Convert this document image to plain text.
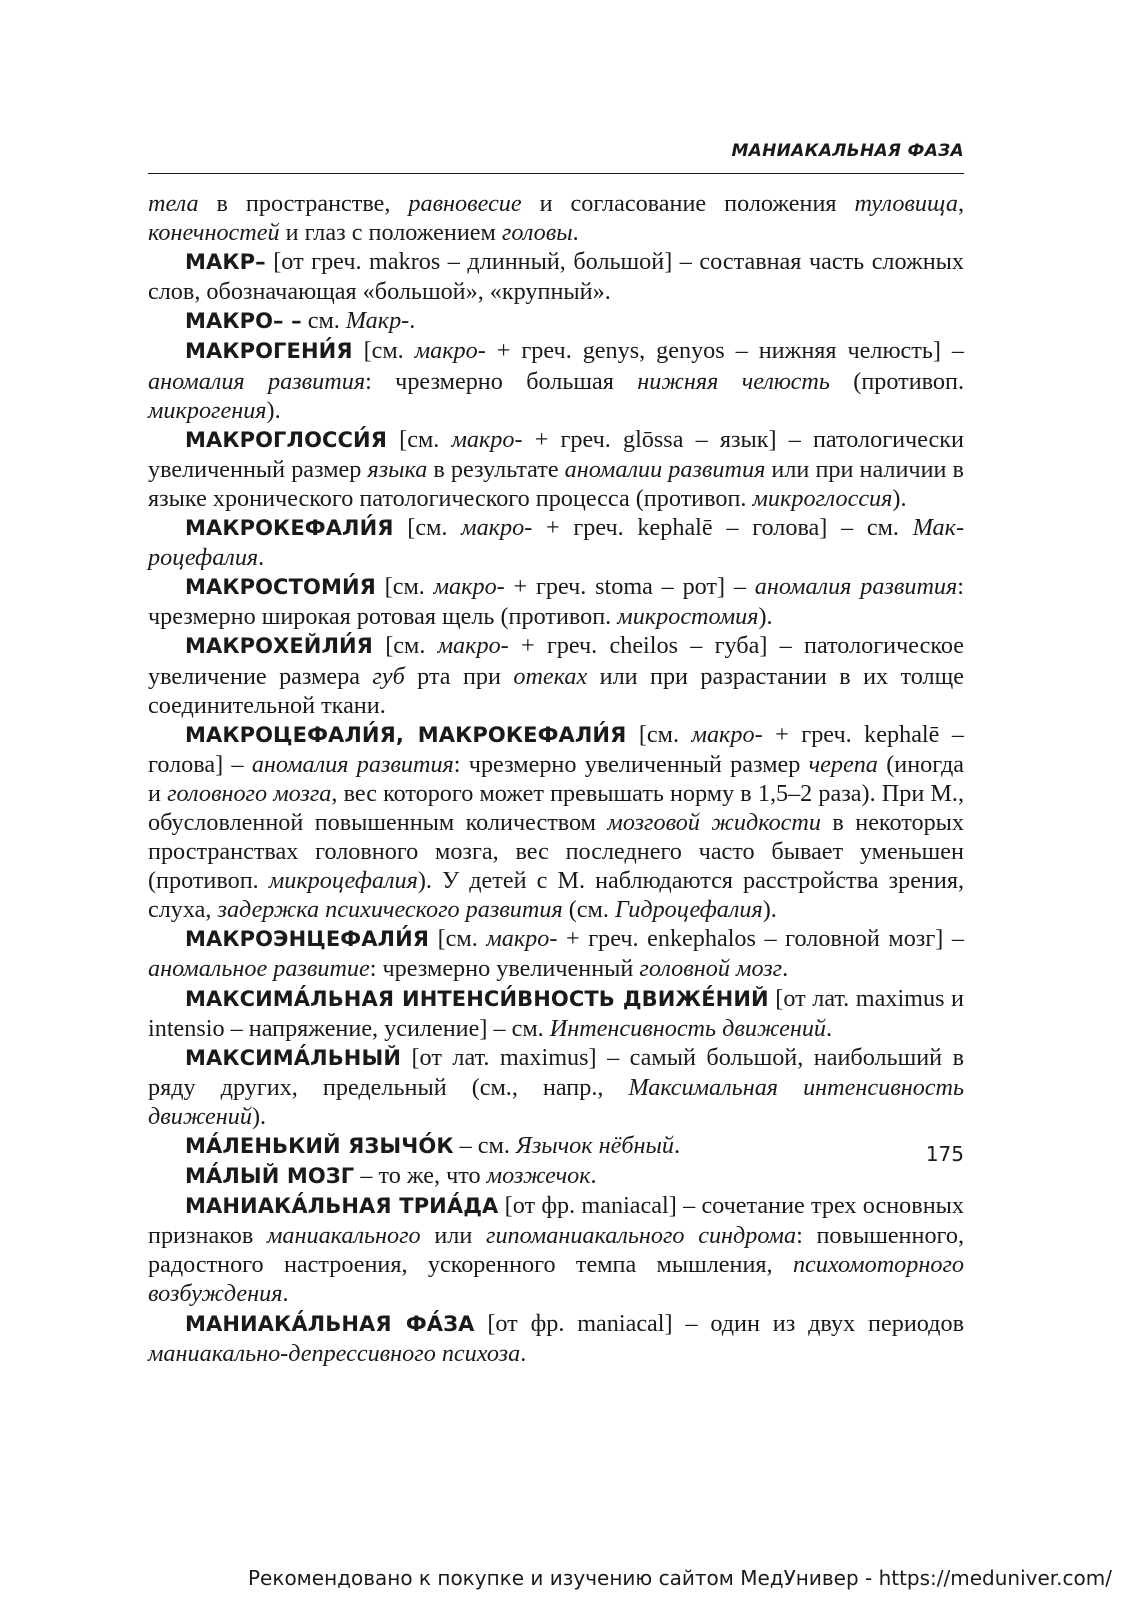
МАНИАКАЛЬНАЯ ФАЗА

тела в пространстве, равновесие и согласование положения туловища, конечностей и глаз с положением головы.

МАКР– [от греч. makros – длинный, большой] – составная часть сложных слов, обозначающая «большой», «крупный».

МАКРО– – см. Макр-.

МАКРОГЕНИ́Я [см. макро- + греч. genys, genyos – нижняя челюсть] – аномалия развития: чрезмерно большая нижняя челюсть (противоп. микрогения).

МАКРОГЛОССИ́Я [см. макро- + греч. glōssa – язык] – патологически увеличенный размер языка в результате аномалии развития или при наличии в языке хронического патологического процесса (противоп. микроглоссия).

МАКРОКЕФАЛИ́Я [см. макро- + греч. kephalē – голова] – см. Макроцефалия.

МАКРОСТОМИ́Я [см. макро- + греч. stoma – рот] – аномалия развития: чрезмерно широкая ротовая щель (противоп. микростомия).

МАКРОХЕЙЛИ́Я [см. макро- + греч. cheilos – губа] – патологическое увеличение размера губ рта при отеках или при разрастании в их толще соединительной ткани.

МАКРОЦЕФАЛИ́Я, МАКРОКЕФАЛИ́Я [см. макро- + греч. kephalē – голова] – аномалия развития: чрезмерно увеличенный размер черепа (иногда и головного мозга, вес которого может превышать норму в 1,5–2 раза). При М., обусловленной повышенным количеством мозговой жидкости в некоторых пространствах головного мозга, вес последнего часто бывает уменьшен (противоп. микроцефалия). У детей с М. наблюдаются расстройства зрения, слуха, задержка психического развития (см. Гидроцефалия).

МАКРОЭНЦЕФАЛИ́Я [см. макро- + греч. enkephalos – головной мозг] – аномальное развитие: чрезмерно увеличенный головной мозг.

МАКСИМА́ЛЬНАЯ ИНТЕНСИ́ВНОСТЬ ДВИЖЕ́НИЙ [от лат. maximus и intensio – напряжение, усиление] – см. Интенсивность движений.

МАКСИМА́ЛЬНЫЙ [от лат. maximus] – самый большой, наибольший в ряду других, предельный (см., напр., Максимальная интенсивность движений).

МА́ЛЕНЬКИЙ ЯЗЫЧО́К – см. Язычок нёбный.

МА́ЛЫЙ МОЗГ – то же, что мозжечок.

МАНИАКА́ЛЬНАЯ ТРИА́ДА [от фр. maniacal] – сочетание трех основных признаков маниакального или гипоманиакального синдрома: повышенного, радостного настроения, ускоренного темпа мышления, психомоторного возбуждения.

МАНИАКА́ЛЬНАЯ ФА́ЗА [от фр. maniacal] – один из двух периодов маниакально-депрессивного психоза.

175
Рекомендовано к покупке и изучению сайтом МедУнивер - https://meduniver.com/
